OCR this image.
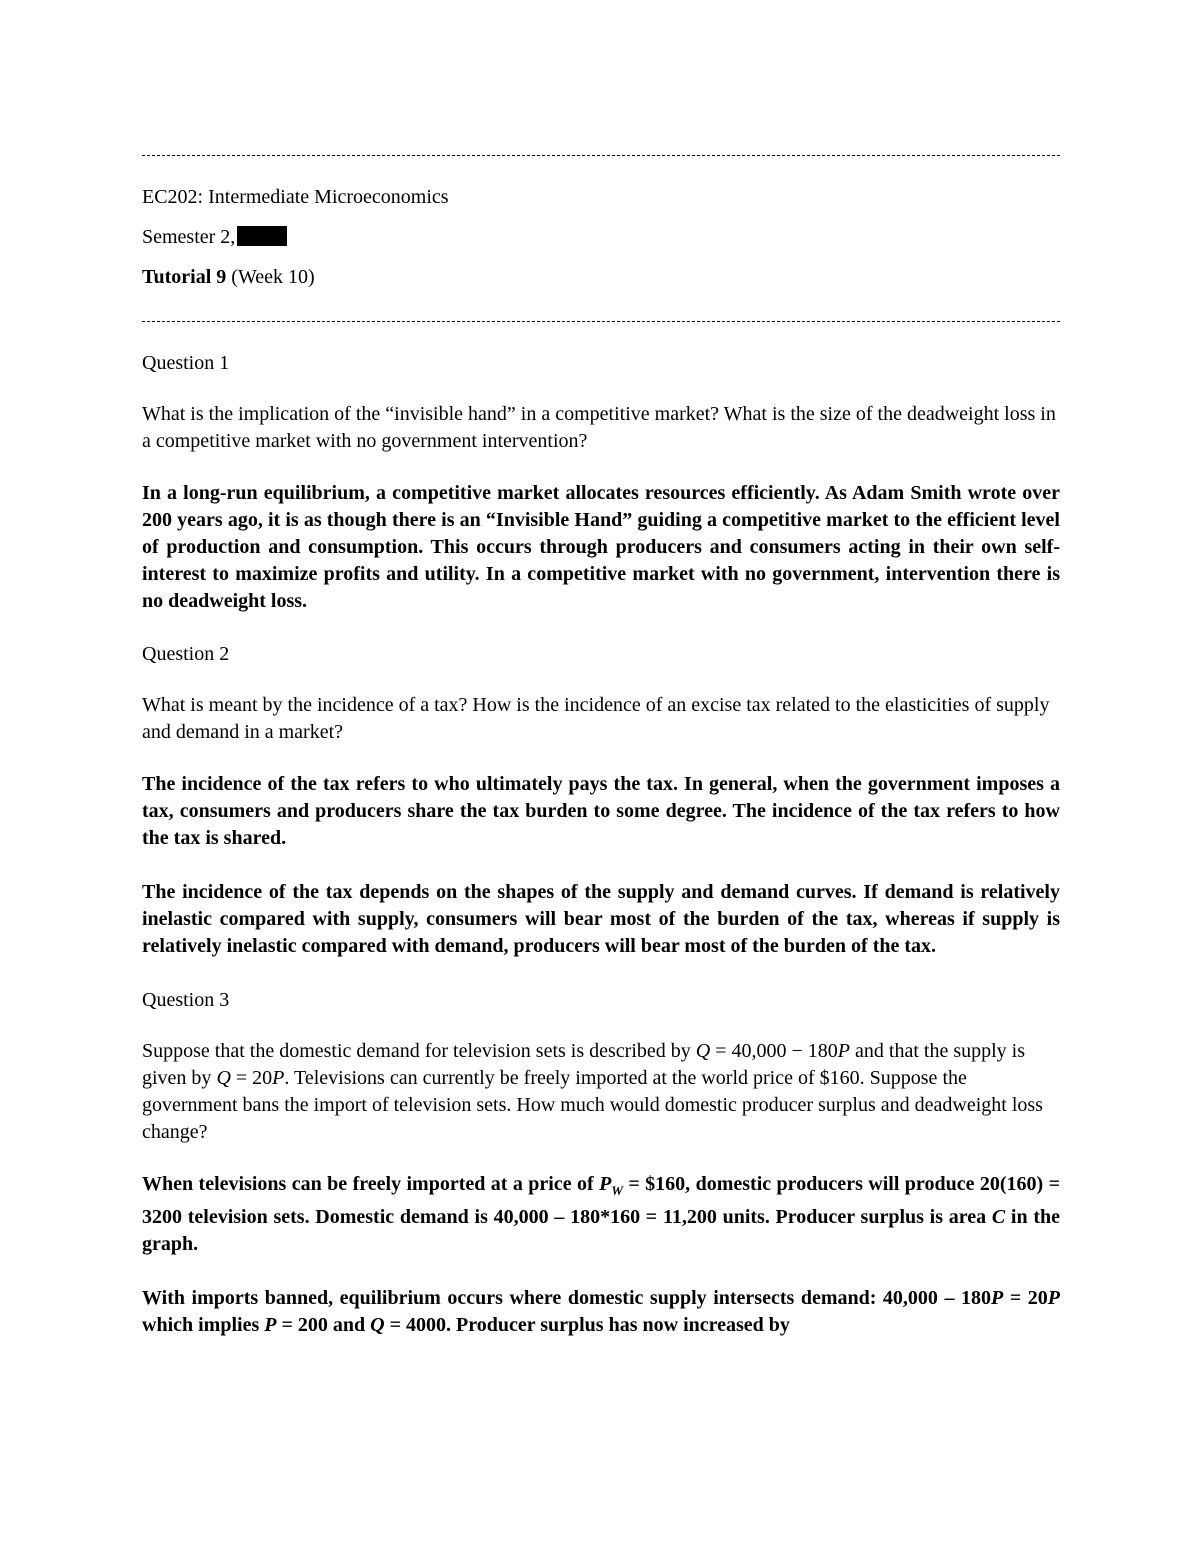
EC202: Intermediate Microeconomics

Semester 2,

Tutorial 9 (Week 10)

Question 1

What is the implication of the “invisible hand” in a competitive market? What is the size of the deadweight loss in a competitive market with no government intervention?

In a long-run equilibrium, a competitive market allocates resources efficiently. As Adam Smith wrote over 200 years ago, it is as though there is an “Invisible Hand” guiding a competitive market to the efficient level of production and consumption. This occurs through producers and consumers acting in their own self-interest to maximize profits and utility. In a competitive market with no government, intervention there is no deadweight loss.

Question 2

What is meant by the incidence of a tax? How is the incidence of an excise tax related to the elasticities of supply and demand in a market?

The incidence of the tax refers to who ultimately pays the tax. In general, when the government imposes a tax, consumers and producers share the tax burden to some degree. The incidence of the tax refers to how the tax is shared.

The incidence of the tax depends on the shapes of the supply and demand curves. If demand is relatively inelastic compared with supply, consumers will bear most of the burden of the tax, whereas if supply is relatively inelastic compared with demand, producers will bear most of the burden of the tax.

Question 3

Suppose that the domestic demand for television sets is described by Q = 40,000 − 180P and that the supply is given by Q = 20P. Televisions can currently be freely imported at the world price of $160. Suppose the government bans the import of television sets. How much would domestic producer surplus and deadweight loss change?

When televisions can be freely imported at a price of $P_W$ = $160, domestic producers will produce 20(160) = 3200 television sets. Domestic demand is 40,000 – 180*160 = 11,200 units. Producer surplus is area C in the graph.

With imports banned, equilibrium occurs where domestic supply intersects demand: 40,000 – 180P = 20P which implies P = 200 and Q = 4000. Producer surplus has now increased by
